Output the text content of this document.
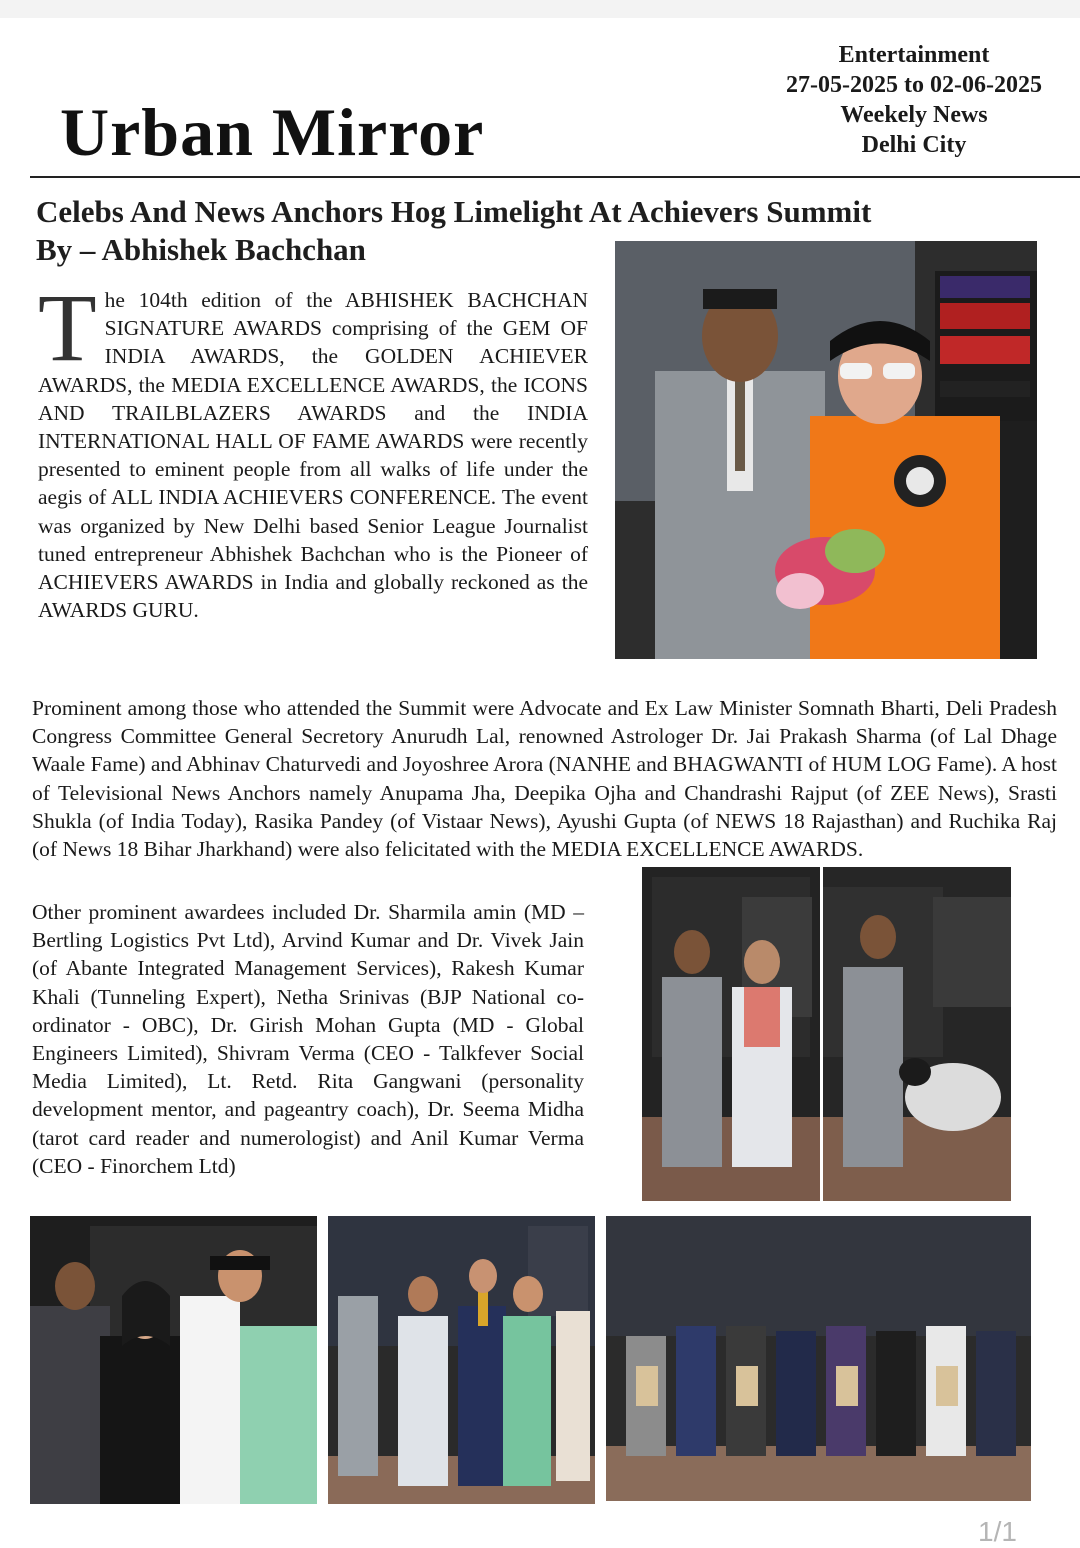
Urban Mirror
Entertainment
27-05-2025 to 02-06-2025
Weekely News
Delhi City
Celebs And News Anchors Hog Limelight At Achievers Summit
By – Abhishek Bachchan
T he 104th edition of the ABHISHEK BACHCHAN SIGNATURE AWARDS comprising of the GEM OF INDIA AWARDS, the GOLDEN ACHIEVER AWARDS, the MEDIA EXCELLENCE AWARDS, the ICONS AND TRAILBLAZERS AWARDS and the INDIA INTERNATIONAL HALL OF FAME AWARDS were recently presented to eminent people from all walks of life under the aegis of ALL INDIA ACHIEVERS CONFERENCE. The event was organized by New Delhi based Senior League Journalist tuned entrepreneur Abhishek Bachchan who is the Pioneer of ACHIEVERS AWARDS in India and globally reckoned as the AWARDS GURU.
Prominent among those who attended the Summit were Advocate and Ex Law Minister Somnath Bharti, Deli Pradesh Congress Committee General Secretory Anurudh Lal, renowned Astrologer Dr. Jai Prakash Sharma (of Lal Dhage Waale Fame) and Abhinav Chaturvedi and Joyoshree Arora (NANHE and BHAGWANTI of HUM LOG Fame). A host of Televisional News Anchors namely Anupama Jha, Deepika Ojha and Chandrashi Rajput (of ZEE News), Srasti Shukla (of India Today), Rasika Pandey (of Vistaar News), Ayushi Gupta (of NEWS 18 Rajasthan) and Ruchika Raj (of News 18 Bihar Jharkhand) were also felicitated with the MEDIA EXCELLENCE AWARDS.
Other prominent awardees included Dr. Sharmila amin (MD – Bertling Logistics Pvt Ltd), Arvind Kumar and Dr. Vivek Jain (of Abante Integrated Management Services), Rakesh Kumar Khali (Tunneling Expert), Netha Srinivas (BJP National co-ordinator - OBC), Dr. Girish Mohan Gupta (MD - Global Engineers Limited), Shivram Verma (CEO - Talkfever Social Media Limited), Lt. Retd. Rita Gangwani (personality development mentor, and pageantry coach), Dr. Seema Midha (tarot card reader and numerologist) and Anil Kumar Verma (CEO - Finorchem Ltd)
1/1
